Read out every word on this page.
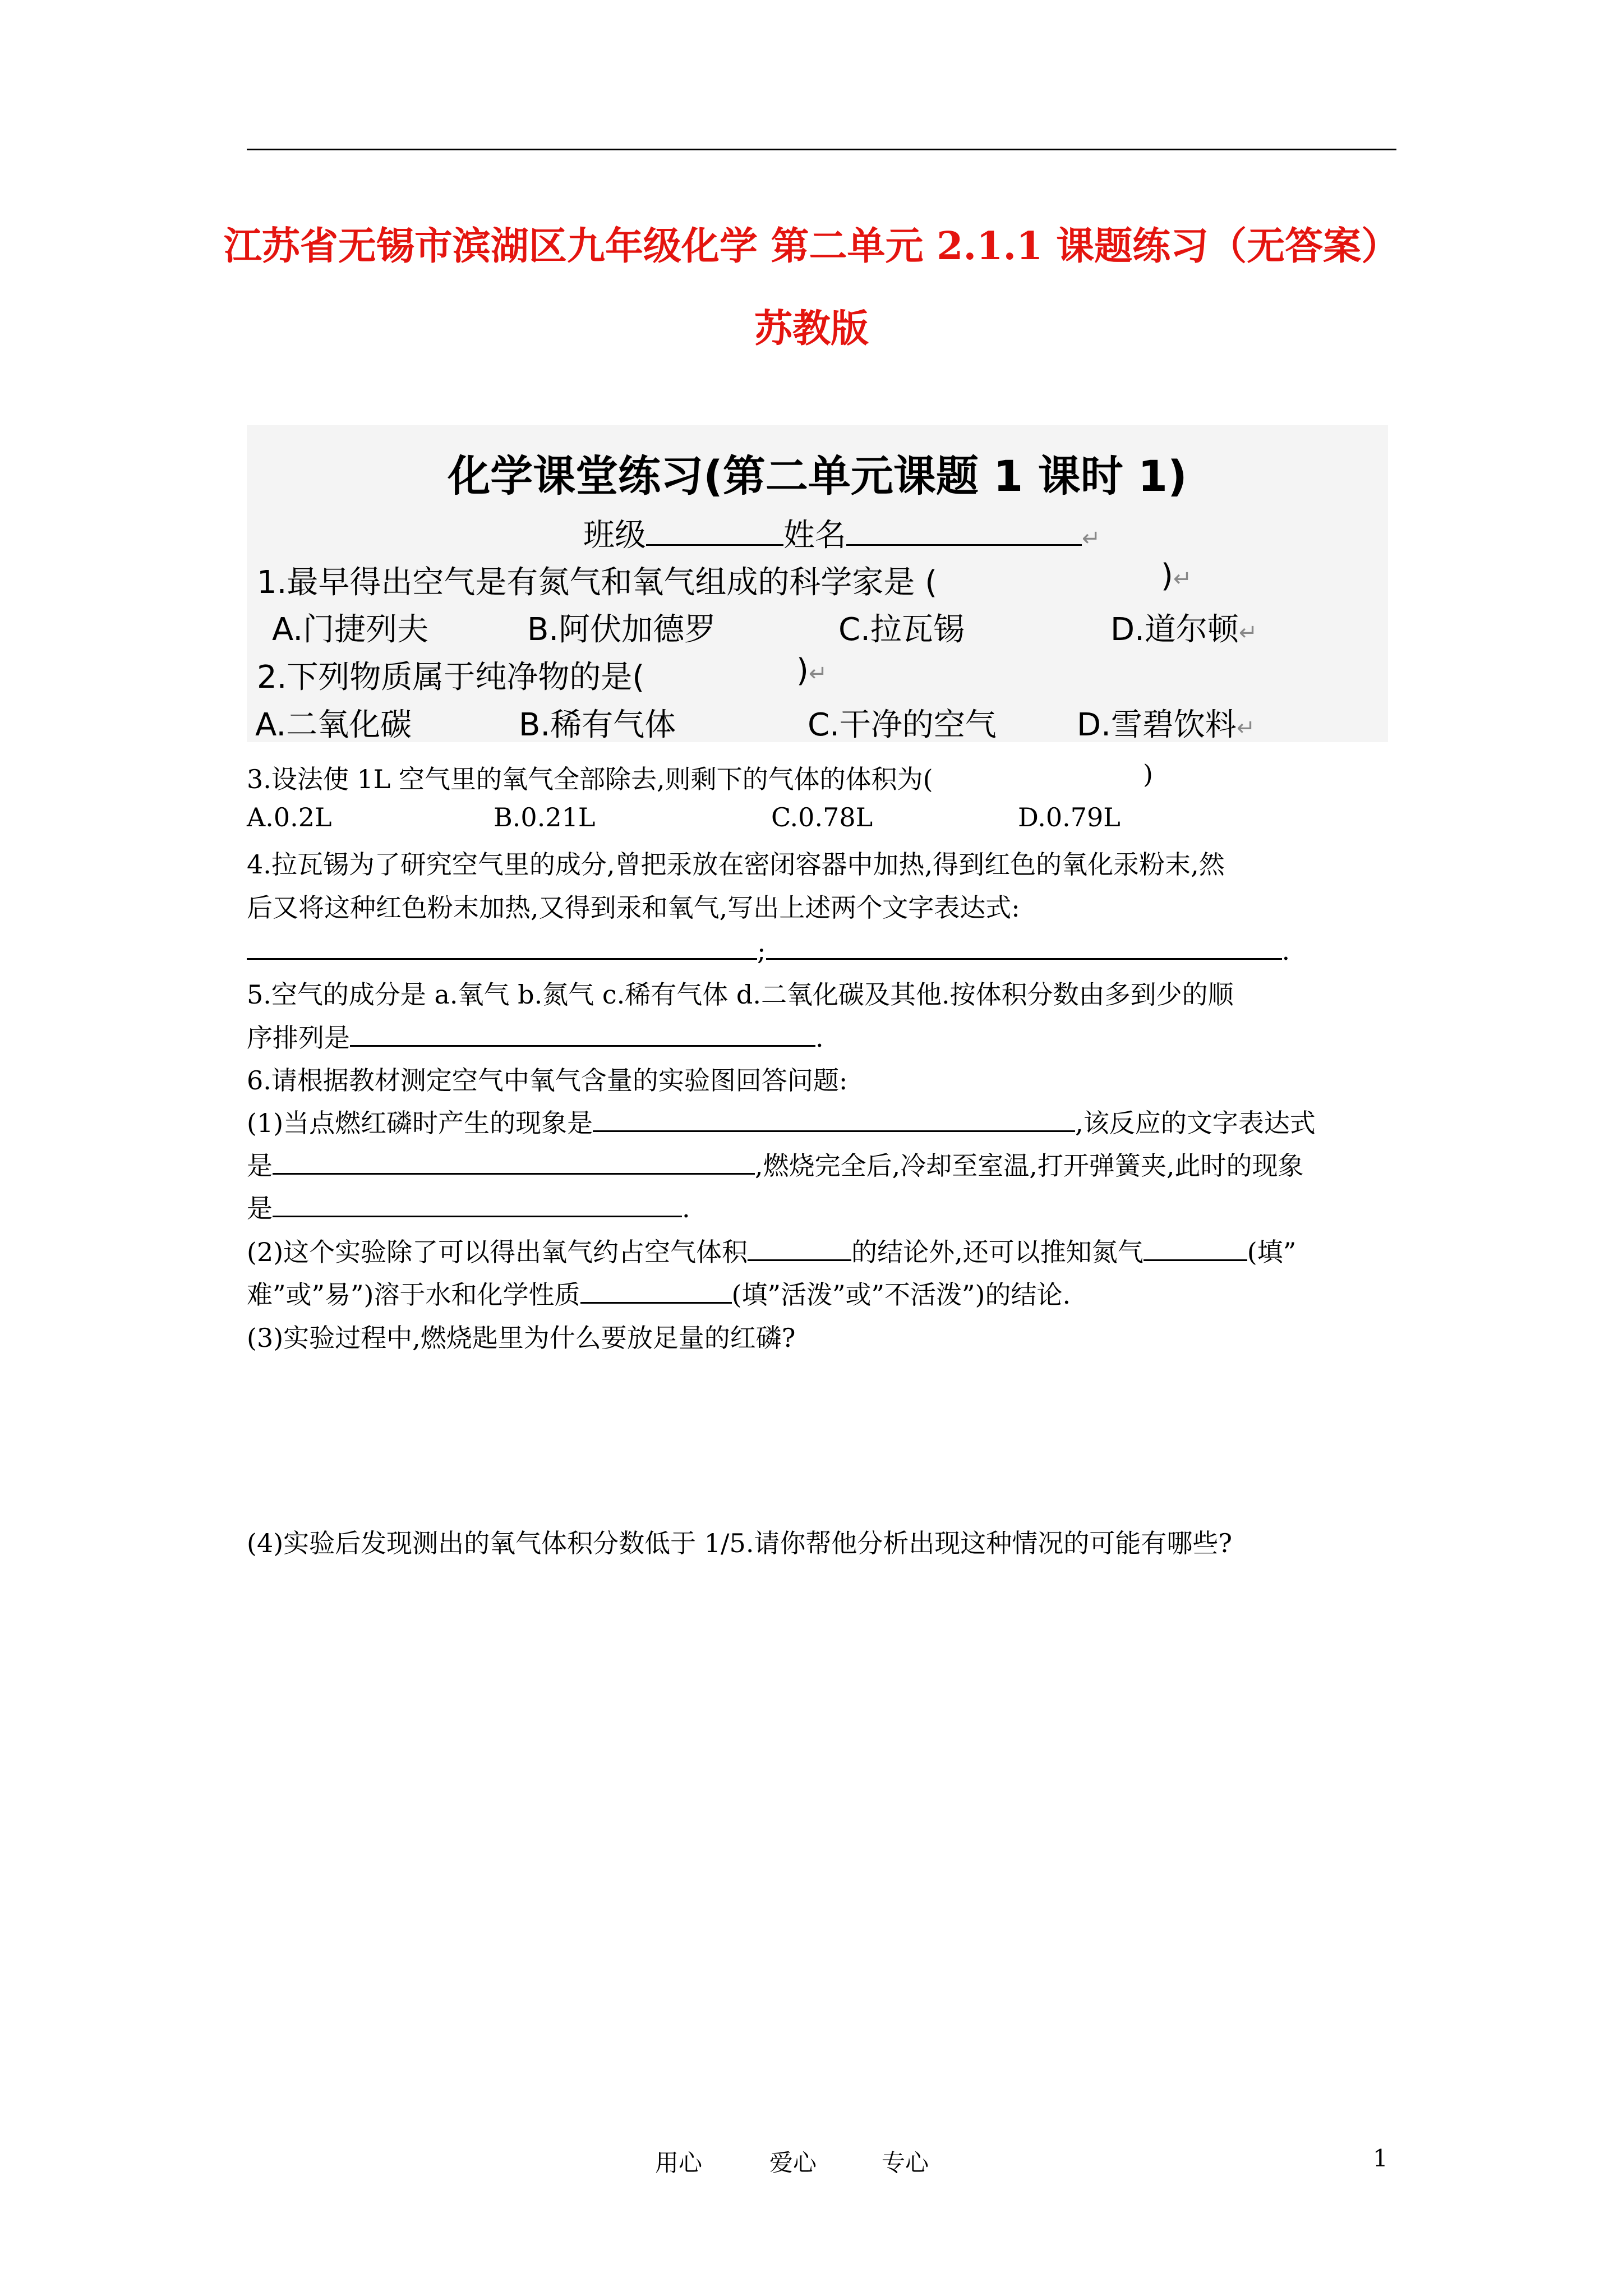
江苏省无锡市滨湖区九年级化学 第二单元 2.1.1 课题练习（无答案）
苏教版
化学课堂练习(第二单元课题 1 课时 1)
班级	姓名	↵
1.最早得出空气是有氮气和氧气组成的科学家是 (	)↵
A.门捷列夫	B.阿伏加德罗	C.拉瓦锡	D.道尔顿↵
2.下列物质属于纯净物的是(	)↵
A.二氧化碳	B.稀有气体	C.干净的空气	D.雪碧饮料↵
3.设法使 1L 空气里的氧气全部除去,则剩下的气体的体积为(	)
A.0.2L	B.0.21L	C.0.78L	D.0.79L
4.拉瓦锡为了研究空气里的成分,曾把汞放在密闭容器中加热,得到红色的氧化汞粉末,然
后又将这种红色粉末加热,又得到汞和氧气,写出上述两个文字表达式:
;	.
5.空气的成分是 a.氧气 b.氮气 c.稀有气体 d.二氧化碳及其他.按体积分数由多到少的顺
序排列是	.
6.请根据教材测定空气中氧气含量的实验图回答问题:
(1)当点燃红磷时产生的现象是	,该反应的文字表达式
是	,燃烧完全后,冷却至室温,打开弹簧夹,此时的现象
是	.
(2)这个实验除了可以得出氧气约占空气体积	的结论外,还可以推知氮气	(填”
难”或”易”)溶于水和化学性质	(填”活泼”或”不活泼”)的结论.
(3)实验过程中,燃烧匙里为什么要放足量的红磷?
(4)实验后发现测出的氧气体积分数低于 1/5.请你帮他分析出现这种情况的可能有哪些?
用心	爱心	专心	1
